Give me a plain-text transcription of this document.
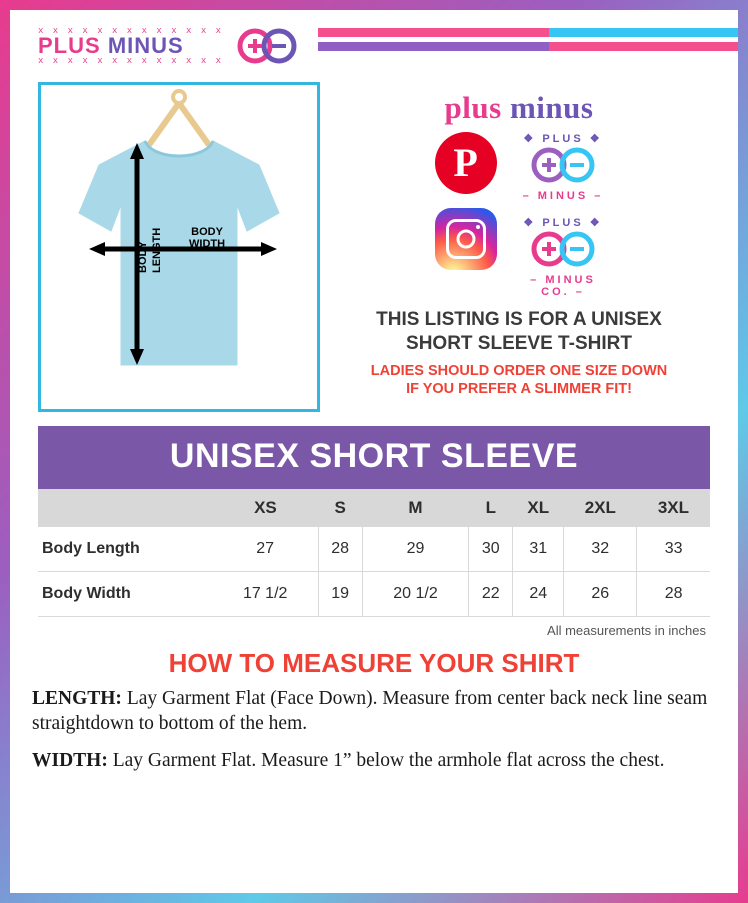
x x x x x x x x x x x x x
PLUS MINUS
x x x x x x x x x x x x x
BODY
WIDTH
BODY LENGTH
plus minus
P
❖ PLUS ❖
– MINUS –
❖ PLUS ❖
– MINUS
CO. –
THIS LISTING IS FOR A UNISEX
SHORT SLEEVE T-SHIRT
LADIES SHOULD ORDER ONE SIZE DOWN
IF YOU PREFER A SLIMMER FIT!
UNISEX SHORT SLEEVE
	XS	S	M	L	XL	2XL	3XL
Body Length	27	28	29	30	31	32	33
Body Width	17 1/2	19	20 1/2	22	24	26	28
All measurements in inches
HOW TO MEASURE YOUR SHIRT

LENGTH: Lay Garment Flat (Face Down). Measure from center back neck line seam straightdown to bottom of the hem.

WIDTH: Lay Garment Flat. Measure 1” below the armhole flat across the chest.
